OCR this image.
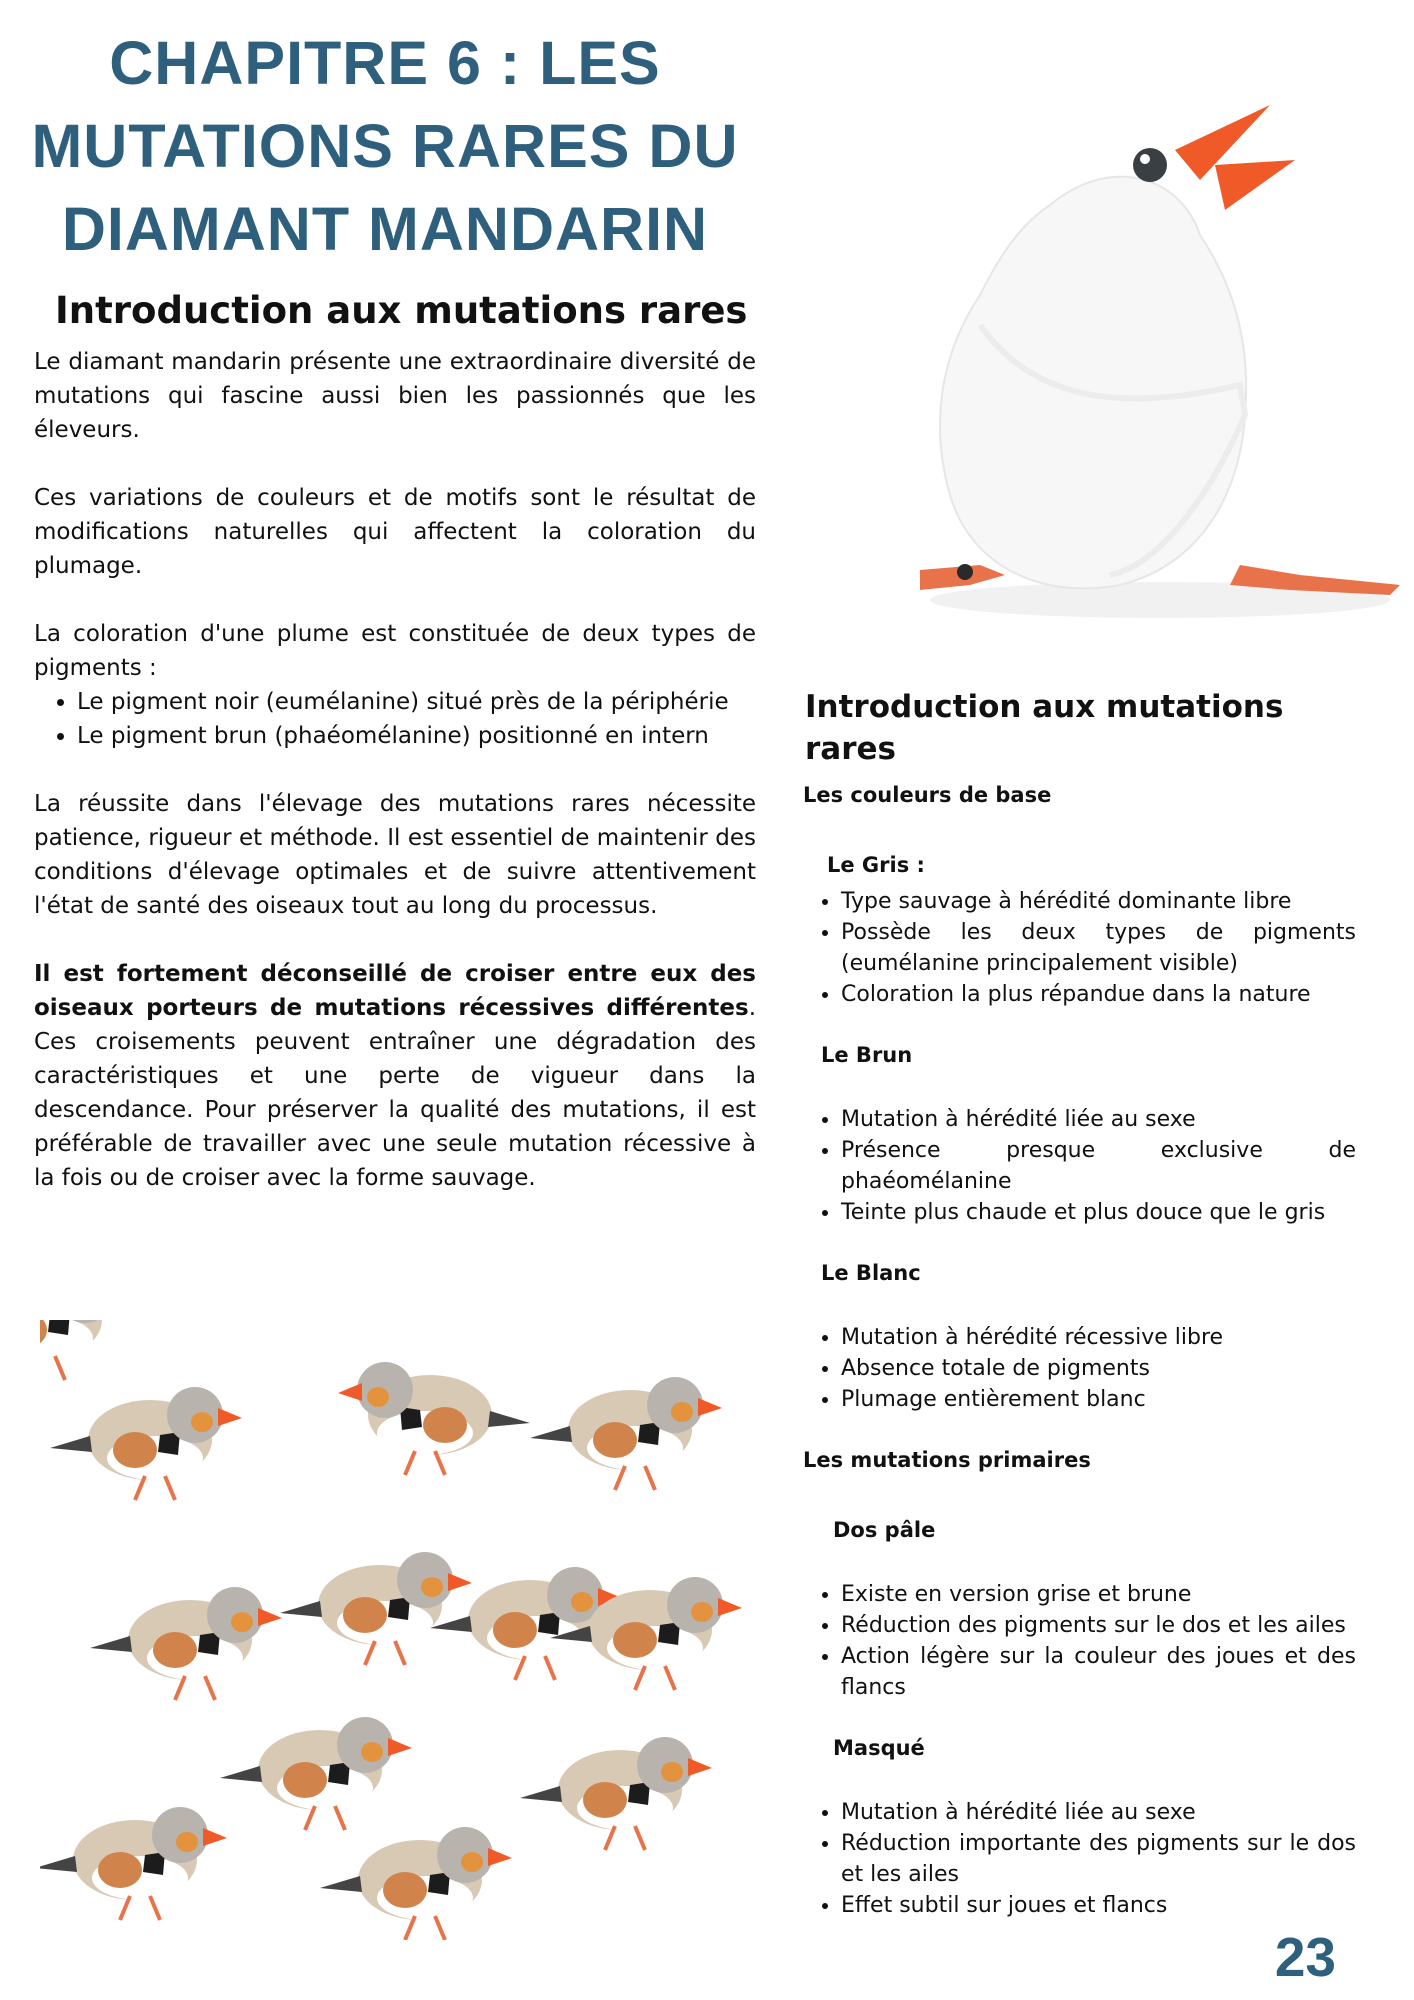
CHAPITRE 6 : LES MUTATIONS RARES DU DIAMANT MANDARIN
Introduction aux mutations rares

Le diamant mandarin présente une extraordinaire diversité de mutations qui fascine aussi bien les passionnés que les éleveurs.

Ces variations de couleurs et de motifs sont le résultat de modifications naturelles qui affectent la coloration du plumage.

La coloration d'une plume est constituée de deux types de pigments :

• Le pigment noir (eumélanine) situé près de la périphérie
• Le pigment brun (phaéomélanine) positionné en intern

La réussite dans l'élevage des mutations rares nécessite patience, rigueur et méthode. Il est essentiel de maintenir des conditions d'élevage optimales et de suivre attentivement l'état de santé des oiseaux tout au long du processus.

Il est fortement déconseillé de croiser entre eux des oiseaux porteurs de mutations récessives différentes. Ces croisements peuvent entraîner une dégradation des caractéristiques et une perte de vigueur dans la descendance. Pour préserver la qualité des mutations, il est préférable de travailler avec une seule mutation récessive à la fois ou de croiser avec la forme sauvage.

Introduction aux mutations rares
Les couleurs de base
Le Gris :
• Type sauvage à hérédité dominante libre
• Possède les deux types de pigments (eumélanine principalement visible)
• Coloration la plus répandue dans la nature
Le Brun
• Mutation à hérédité liée au sexe
• Présence presque exclusive de phaéomélanine
• Teinte plus chaude et plus douce que le gris
Le Blanc
• Mutation à hérédité récessive libre
• Absence totale de pigments
• Plumage entièrement blanc
Les mutations primaires
Dos pâle
• Existe en version grise et brune
• Réduction des pigments sur le dos et les ailes
• Action légère sur la couleur des joues et des flancs
Masqué
• Mutation à hérédité liée au sexe
• Réduction importante des pigments sur le dos et les ailes
• Effet subtil sur joues et flancs
23
